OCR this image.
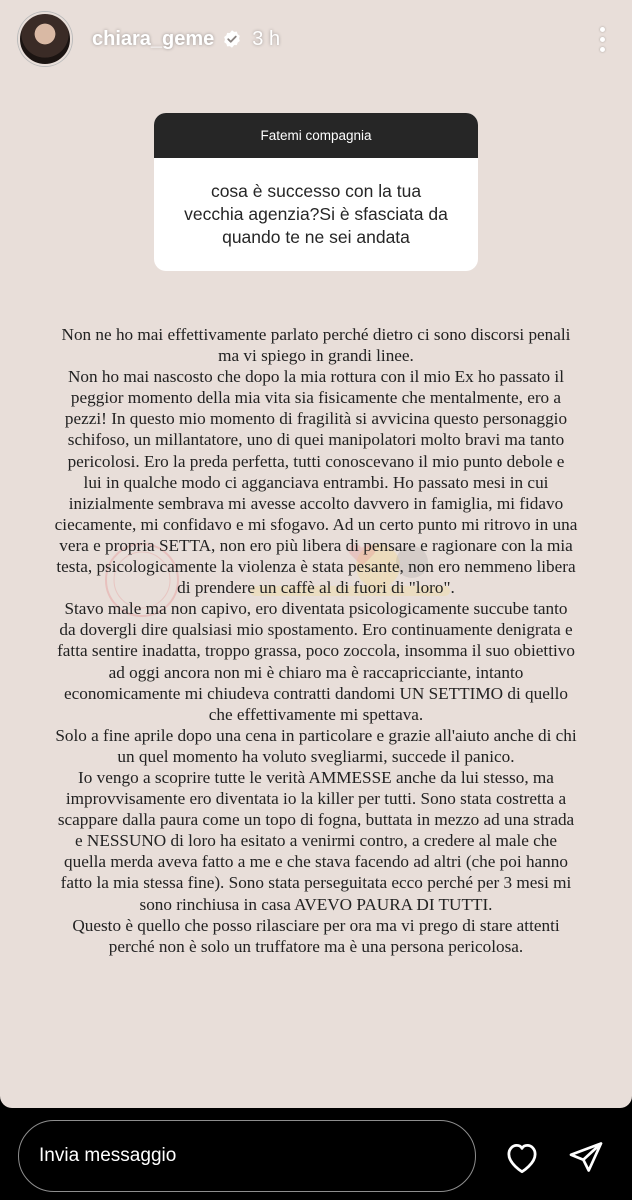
chiara_geme 3 h
Fatemi compagnia
cosa è successo con la tua vecchia agenzia?Si è sfasciata da quando te ne sei andata

Non ne ho mai effettivamente parlato perché dietro ci sono discorsi penali

ma vi spiego in grandi linee.

Non ho mai nascosto che dopo la mia rottura con il mio Ex ho passato il

peggior momento della mia vita sia fisicamente che mentalmente, ero a

pezzi! In questo mio momento di fragilità si avvicina questo personaggio

schifoso, un millantatore, uno di quei manipolatori molto bravi ma tanto

pericolosi. Ero la preda perfetta, tutti conoscevano il mio punto debole e

lui in qualche modo ci agganciava entrambi. Ho passato mesi in cui

inizialmente sembrava mi avesse accolto davvero in famiglia, mi fidavo

ciecamente, mi confidavo e mi sfogavo. Ad un certo punto mi ritrovo in una

vera e propria SETTA, non ero più libera di pensare e ragionare con la mia

testa, psicologicamente la violenza è stata pesante, non ero nemmeno libera

di prendere un caffè al di fuori di "loro".

Stavo male ma non capivo, ero diventata psicologicamente succube tanto

da dovergli dire qualsiasi mio spostamento. Ero continuamente denigrata e

fatta sentire inadatta, troppo grassa, poco zoccola, insomma il suo obiettivo

ad oggi ancora non mi è chiaro ma è raccapricciante, intanto

economicamente mi chiudeva contratti dandomi UN SETTIMO di quello

che effettivamente mi spettava.

Solo a fine aprile dopo una cena in particolare e grazie all'aiuto anche di chi

un quel momento ha voluto svegliarmi, succede il panico.

Io vengo a scoprire tutte le verità AMMESSE anche da lui stesso, ma

improvvisamente ero diventata io la killer per tutti. Sono stata costretta a

scappare dalla paura come un topo di fogna, buttata in mezzo ad una strada

e NESSUNO di loro ha esitato a venirmi contro, a credere al male che

quella merda aveva fatto a me e che stava facendo ad altri (che poi hanno

fatto la mia stessa fine). Sono stata perseguitata ecco perché per 3 mesi mi

sono rinchiusa in casa AVEVO PAURA DI TUTTI.

Questo è quello che posso rilasciare per ora ma vi prego di stare attenti

perché non è solo un truffatore ma è una persona pericolosa.

Invia messaggio
